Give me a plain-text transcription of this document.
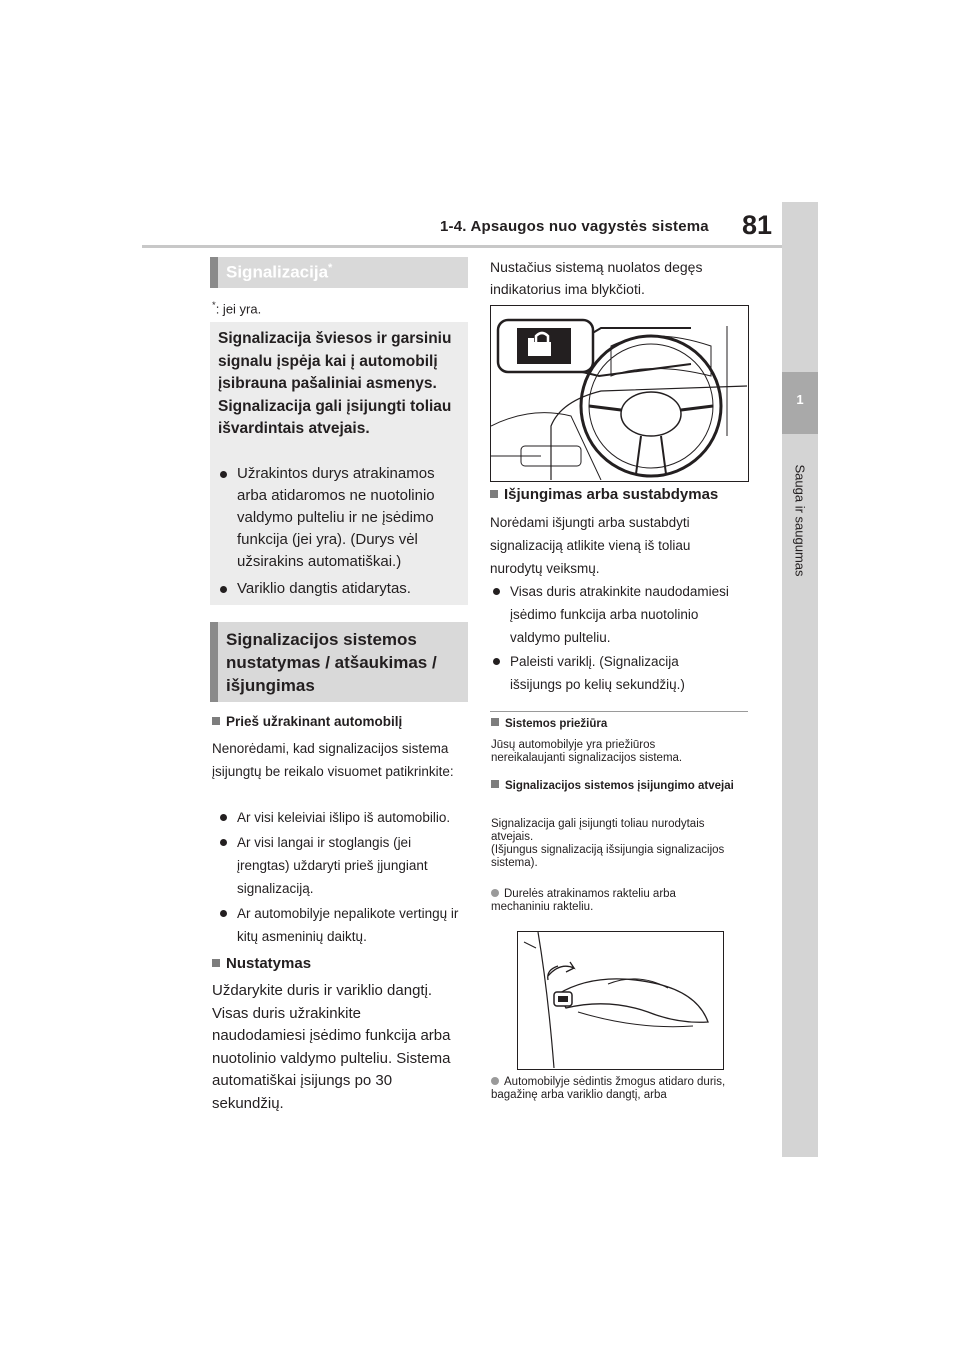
1-4. Apsaugos nuo vagystės sistema 81
1
Sauga ir saugumas
Signalizacija*
*: jei yra.
Signalizacija šviesos ir garsiniu signalu įspėja kai į automobilį įsibrauna pašaliniai asmenys.
Signalizacija gali įsijungti toliau išvardintais atvejais.
Užrakintos durys atrakinamos arba atidaromos ne nuotolinio valdymo pulteliu ir ne įsėdimo funkcija (jei yra). (Durys vėl užsirakins automatiškai.)
Variklio dangtis atidarytas.
Signalizacijos sistemos nustatymas / atšaukimas / išjungimas
Prieš užrakinant automobilį
Nenorėdami, kad signalizacijos sistema įsijungtų be reikalo visuomet patikrinkite:
Ar visi keleiviai išlipo iš automobilio.
Ar visi langai ir stoglangis (jei įrengtas) uždaryti prieš įjungiant signalizaciją.
Ar automobilyje nepalikote vertingų ir kitų asmeninių daiktų.
Nustatymas
Uždarykite duris ir variklio dangtį. Visas duris užrakinkite naudodamiesi įsėdimo funkcija arba nuotolinio valdymo pulteliu. Sistema automatiškai įsijungs po 30 sekundžių.
Nustačius sistemą nuolatos degęs indikatorius ima blykčioti.
Išjungimas arba sustabdymas
Norėdami išjungti arba sustabdyti signalizaciją atlikite vieną iš toliau nurodytų veiksmų.
Visas duris atrakinkite naudodamiesi įsėdimo funkcija arba nuotolinio valdymo pulteliu.
Paleisti variklį. (Signalizacija išsijungs po kelių sekundžių.)
Sistemos priežiūra
Jūsų automobilyje yra priežiūros nereikalaujanti signalizacijos sistema.
Signalizacijos sistemos įsijungimo atvejai
Signalizacija gali įsijungti toliau nurodytais atvejais.
(Išjungus signalizaciją išsijungia signalizacijos sistema).
Durelės atrakinamos rakteliu arba mechaniniu rakteliu.
Automobilyje sėdintis žmogus atidaro duris, bagažinę arba variklio dangtį, arba
